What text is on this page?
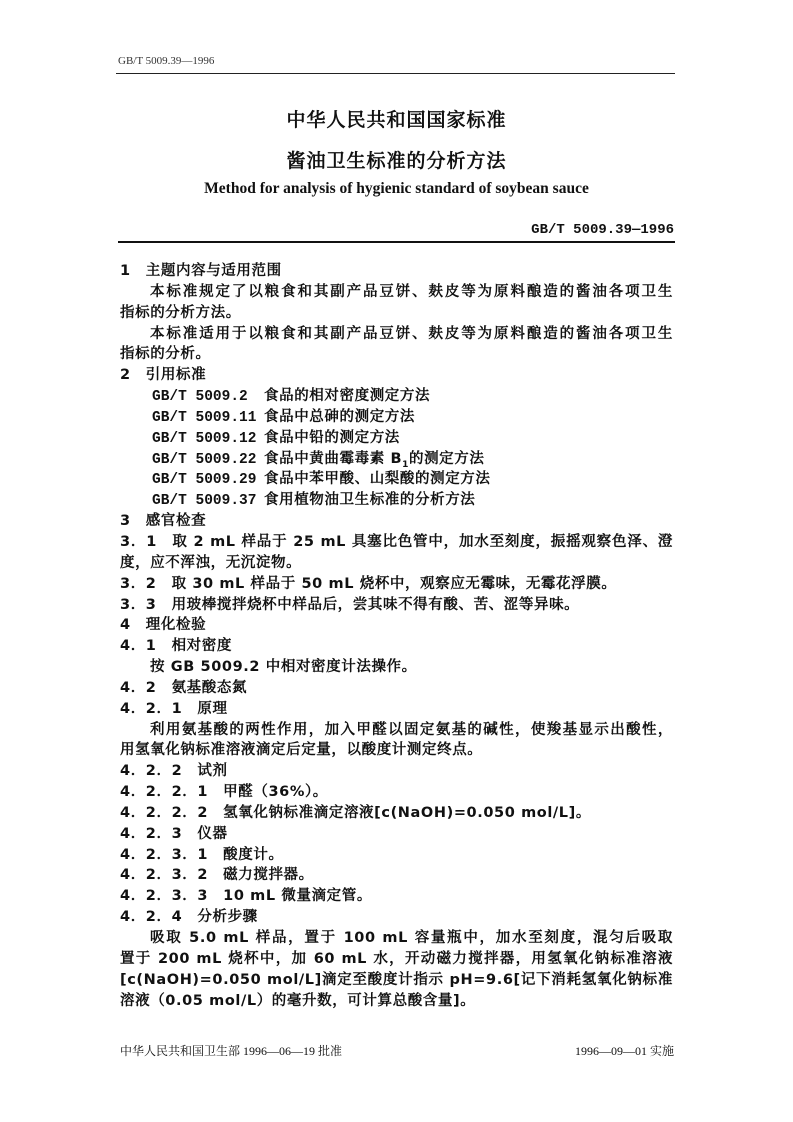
GB/T 5009.39—1996
中华人民共和国国家标准
酱油卫生标准的分析方法
Method for analysis of hygienic standard of soybean sauce
GB/T 5009.39—1996
1　主题内容与适用范围
本标准规定了以粮食和其副产品豆饼、麸皮等为原料酿造的酱油各项卫生
指标的分析方法。
本标准适用于以粮食和其副产品豆饼、麸皮等为原料酿造的酱油各项卫生
指标的分析。
2　引用标准
GB/T 5009.2 食品的相对密度测定方法
GB/T 5009.11 食品中总砷的测定方法
GB/T 5009.12 食品中铅的测定方法
GB/T 5009.22 食品中黄曲霉毒素 $B_1$的测定方法
GB/T 5009.29 食品中苯甲酸、山梨酸的测定方法
GB/T 5009.37 食用植物油卫生标准的分析方法
3　感官检查
3．1　取 2 mL 样品于 25 mL 具塞比色管中，加水至刻度，振摇观察色泽、澄
度，应不浑浊，无沉淀物。
3．2　取 30 mL 样品于 50 mL 烧杯中，观察应无霉味，无霉花浮膜。
3．3　用玻棒搅拌烧杯中样品后，尝其味不得有酸、苦、涩等异味。
4　理化检验
4．1　相对密度
按 GB 5009.2 中相对密度计法操作。
4．2　氨基酸态氮
4．2．1　原理
利用氨基酸的两性作用，加入甲醛以固定氨基的碱性，使羧基显示出酸性，
用氢氧化钠标准溶液滴定后定量，以酸度计测定终点。
4．2．2　试剂
4．2．2．1　甲醛（36%）。
4．2．2．2　氢氧化钠标准滴定溶液[c(NaOH)=0.050 mol/L]。
4．2．3　仪器
4．2．3．1　酸度计。
4．2．3．2　磁力搅拌器。
4．2．3．3　10 mL 微量滴定管。
4．2．4　分析步骤
吸取 5.0 mL 样品，置于 100 mL 容量瓶中，加水至刻度，混匀后吸取
置于 200 mL 烧杯中，加 60 mL 水，开动磁力搅拌器，用氢氧化钠标准溶液
[c(NaOH)=0.050 mol/L]滴定至酸度计指示 pH=9.6[记下消耗氢氧化钠标准
溶液（0.05 mol/L）的毫升数，可计算总酸含量]。
中华人民共和国卫生部 1996—06—19 批准	1996—09—01 实施
